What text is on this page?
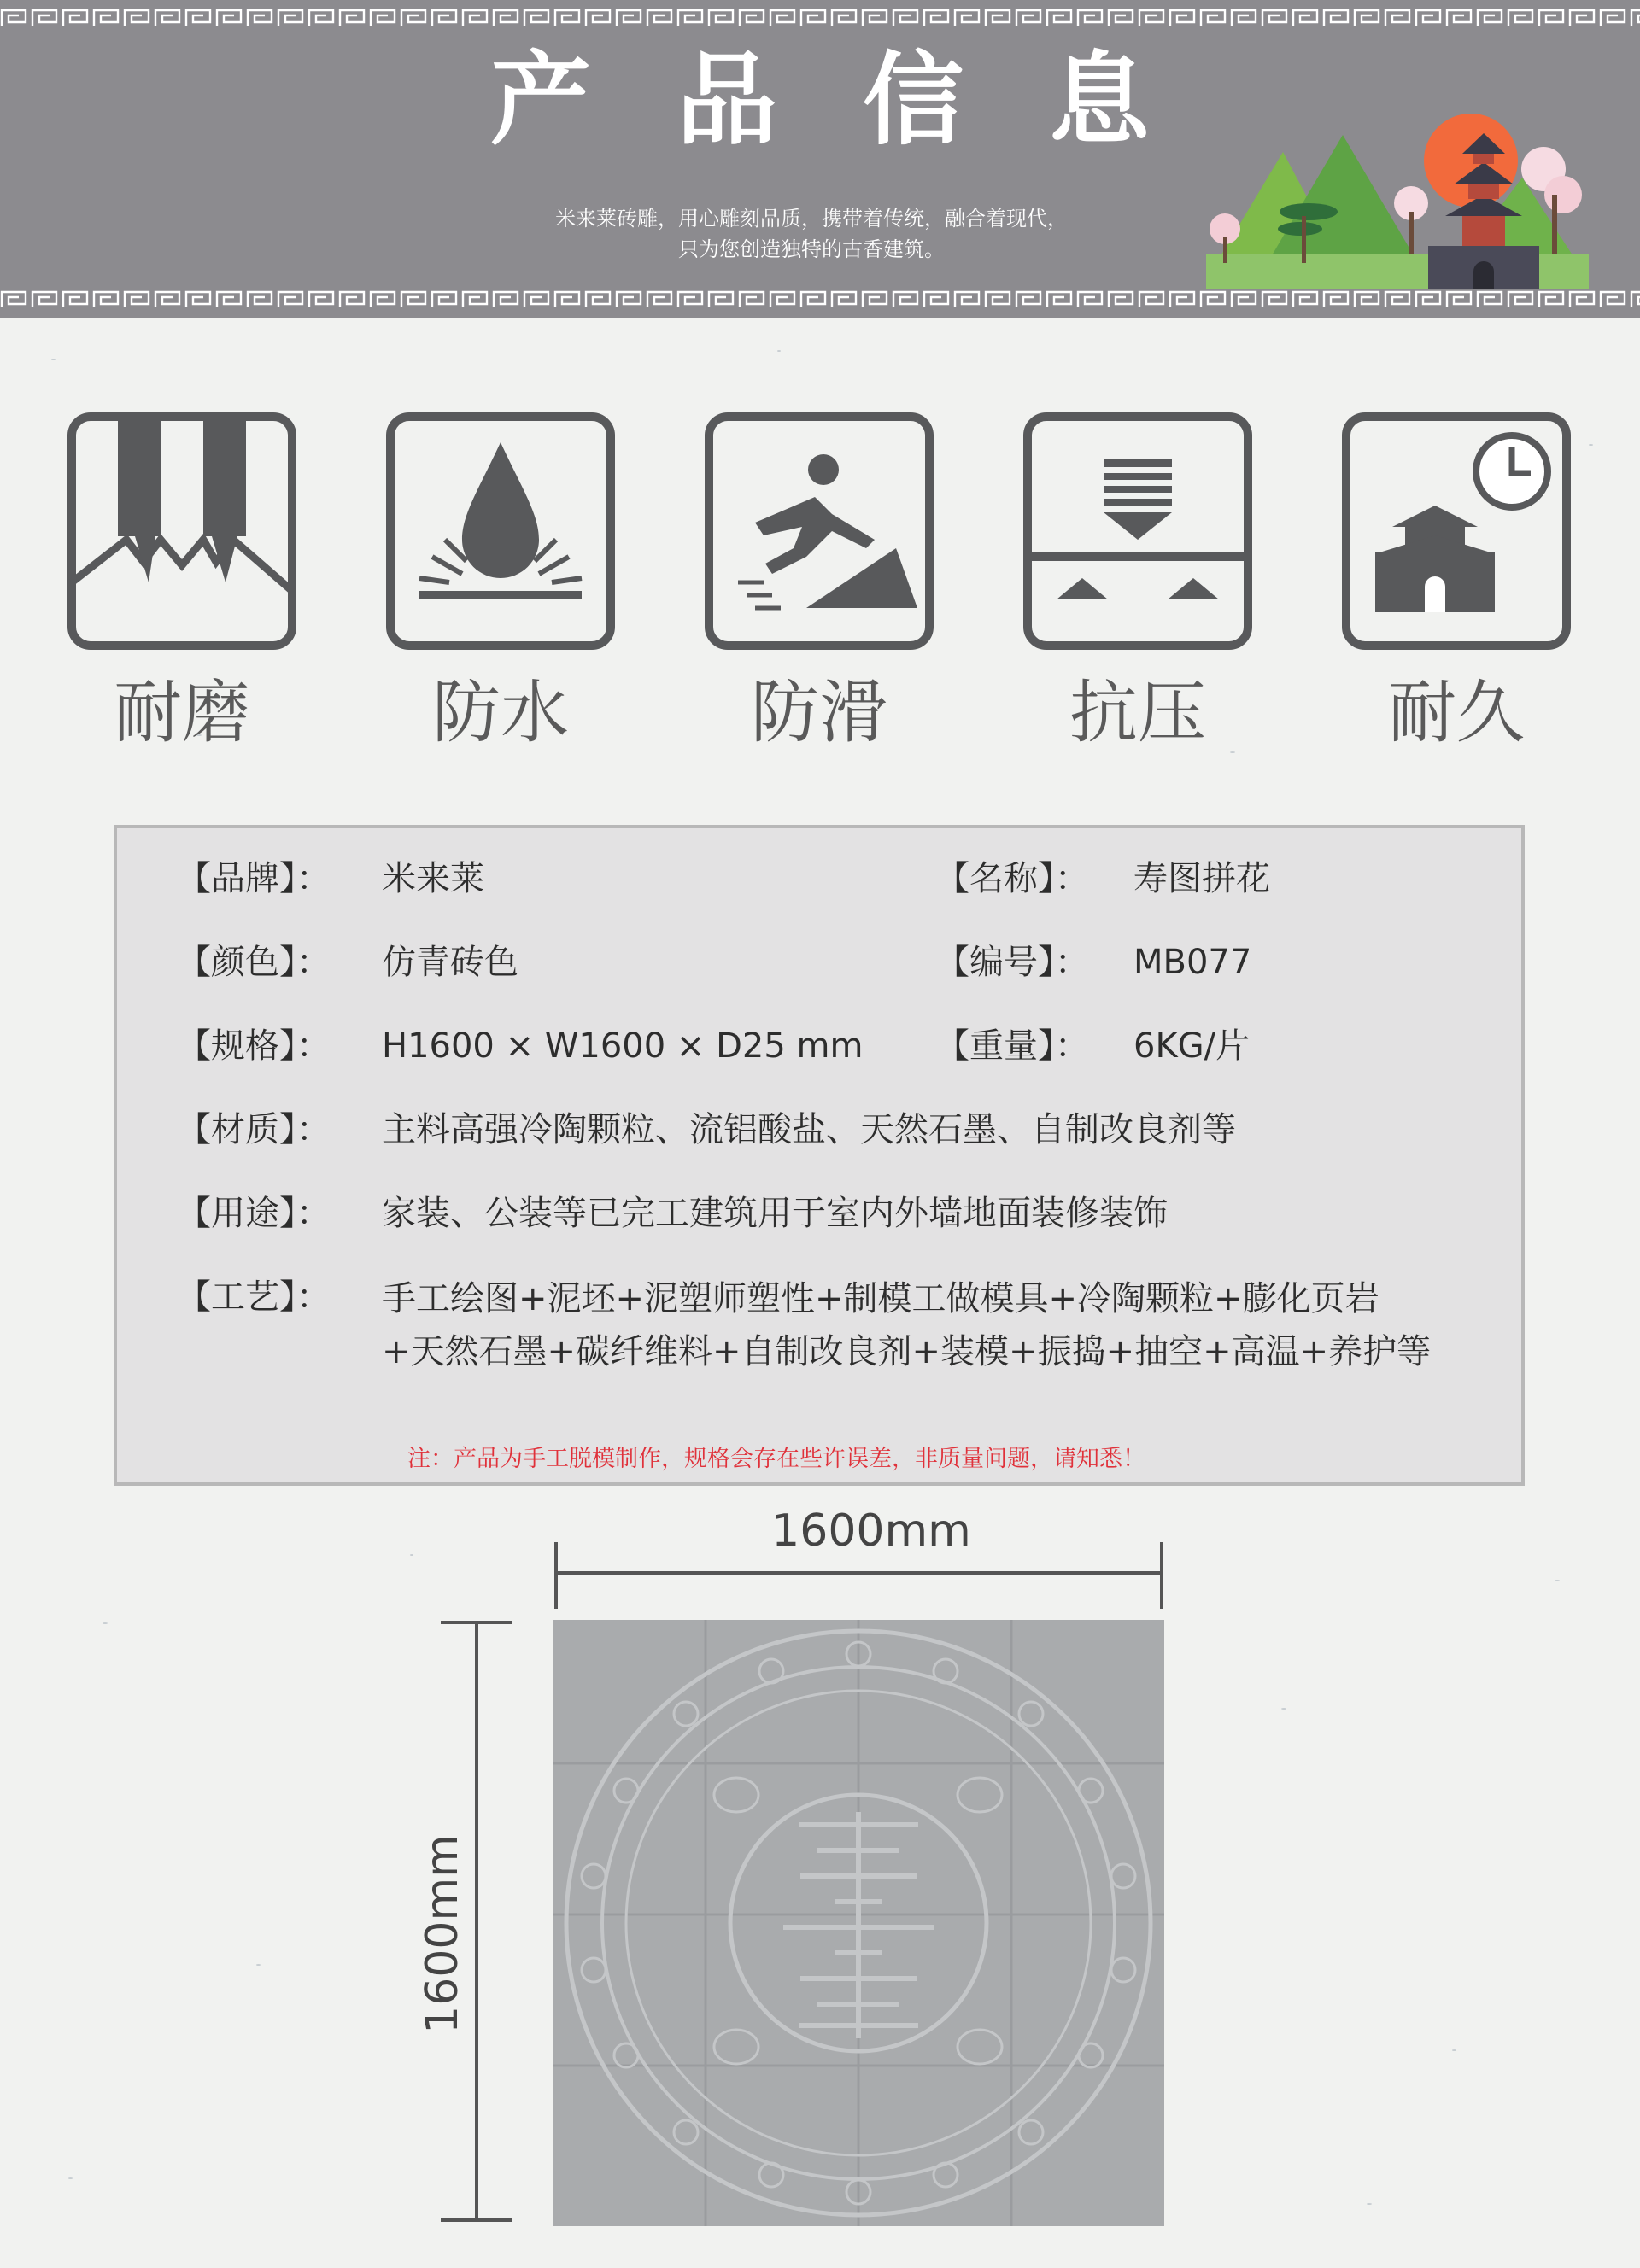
产品信息
米来莱砖雕，用心雕刻品质，携带着传统，融合着现代，
只为您创造独特的古香建筑。
耐磨	防水	防滑	抗压	耐久
【品牌】： 米来莱	【名称】： 寿图拼花
【颜色】： 仿青砖色	【编号】： MB077
【规格】： H1600 × W1600 × D25 mm 【重量】： 6KG/片
【材质】： 主料高强冷陶颗粒、流铝酸盐、天然石墨、自制改良剂等
【用途】： 家装、公装等已完工建筑用于室内外墙地面装修装饰
【工艺】： 手工绘图+泥坯+泥塑师塑性+制模工做模具+冷陶颗粒+膨化页岩+天然石墨+碳纤维料+自制改良剂+装模+振捣+抽空+高温+养护等
注：产品为手工脱模制作，规格会存在些许误差，非质量问题，请知悉！
1600mm
1600mm
